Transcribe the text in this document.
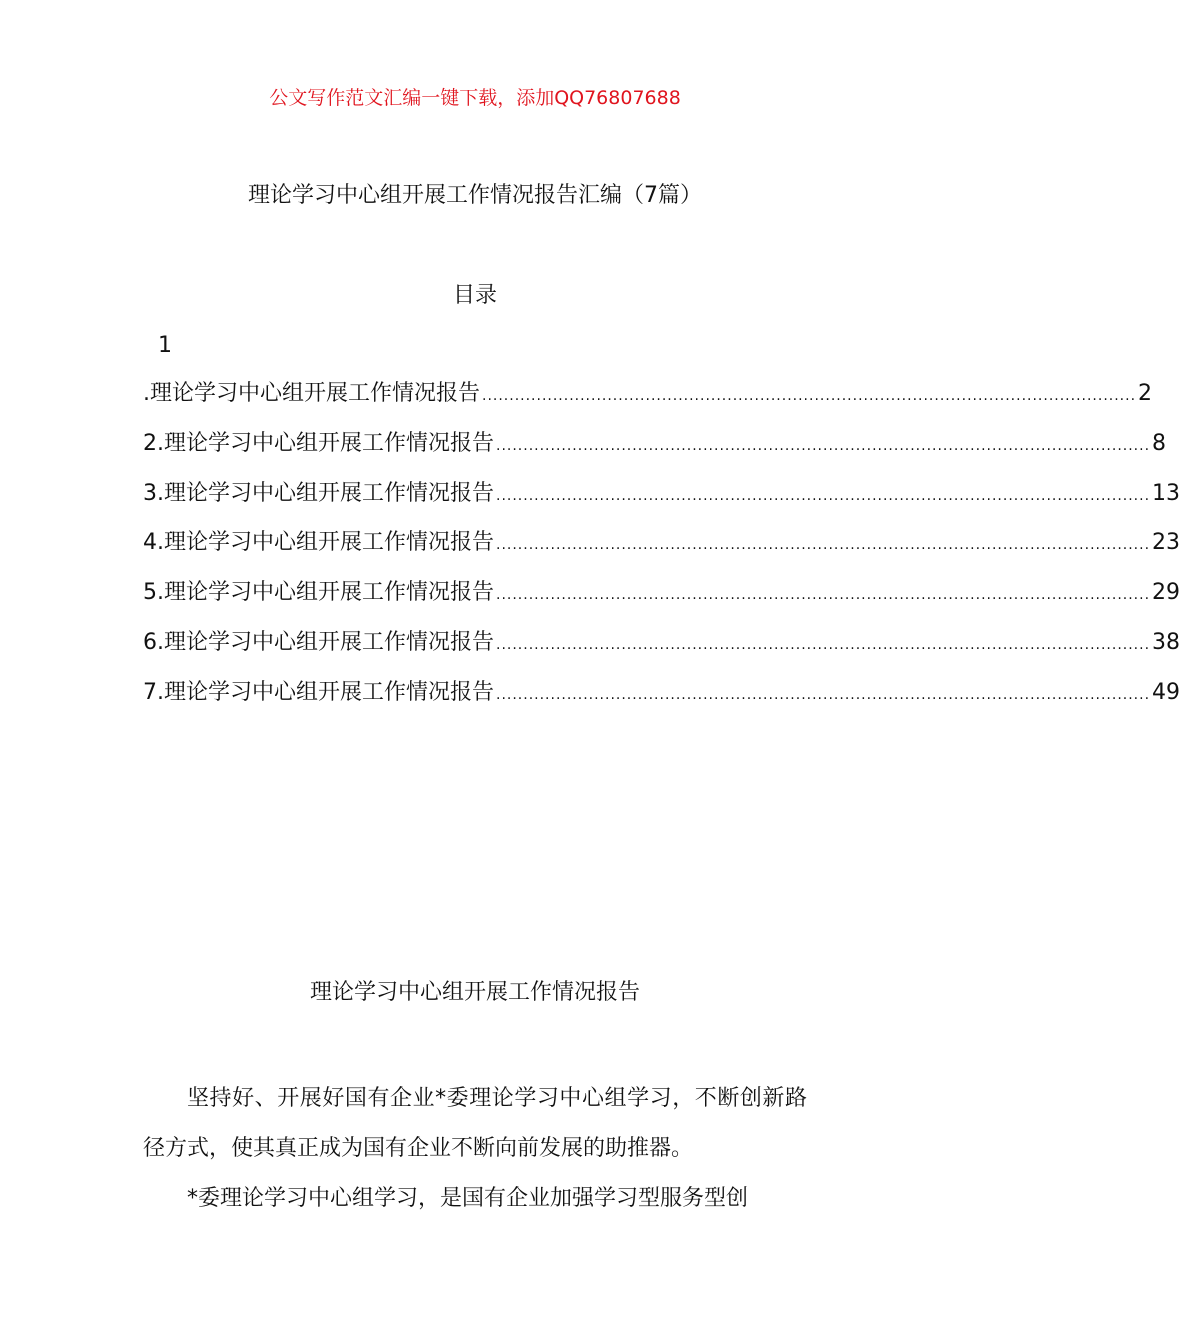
公文写作范文汇编一键下载，添加QQ76807688
理论学习中心组开展工作情况报告汇编（7篇）
目录
1
.理论学习中心组开展工作情况报告 ........................................................................................................................ 2
2.理论学习中心组开展工作情况报告 ........................................................................................................................ 8
3.理论学习中心组开展工作情况报告 ........................................................................................................................ 13
4.理论学习中心组开展工作情况报告 ........................................................................................................................ 23
5.理论学习中心组开展工作情况报告 ........................................................................................................................ 29
6.理论学习中心组开展工作情况报告 ........................................................................................................................ 38
7.理论学习中心组开展工作情况报告 ........................................................................................................................ 49
理论学习中心组开展工作情况报告

坚持好、开展好国有企业*委理论学习中心组学习，不断创新路径方式，使其真正成为国有企业不断向前发展的助推器。

*委理论学习中心组学习，是国有企业加强学习型服务型创
